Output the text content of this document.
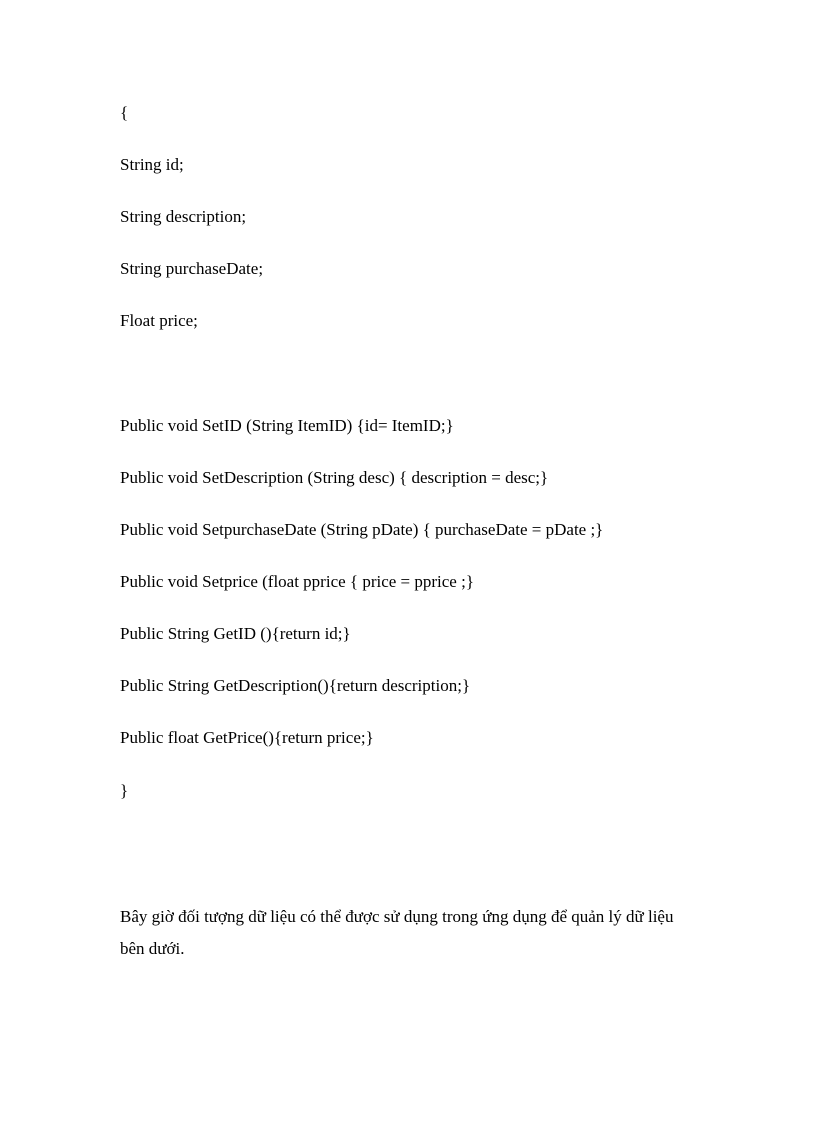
{
String id;
String description;
String purchaseDate;
Float price;
Public void SetID (String ItemID) {id= ItemID;}
Public void SetDescription (String desc) { description = desc;}
Public void SetpurchaseDate (String pDate) { purchaseDate = pDate ;}
Public void Setprice (float pprice { price = pprice ;}
Public String GetID (){return id;}
Public String GetDescription(){return description;}
Public float GetPrice(){return price;}
}
Bây giờ đối tượng dữ liệu có thể được sử dụng trong ứng dụng để quản lý dữ liệu
bên dưới.
